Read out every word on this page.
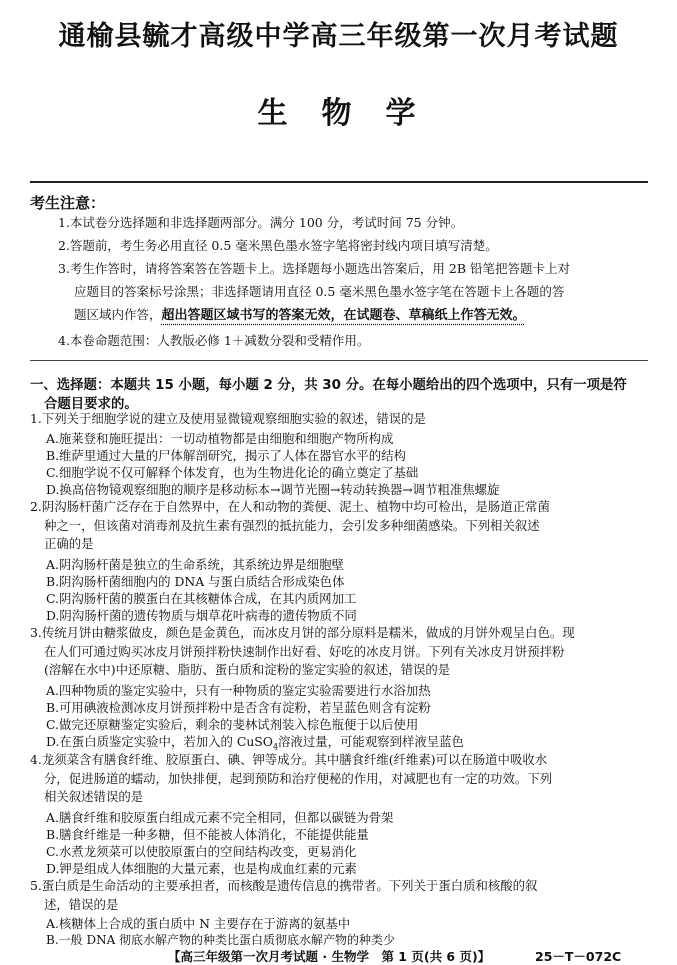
通榆县毓才高级中学高三年级第一次月考试题
生物学
考生注意：
1.本试卷分选择题和非选择题两部分。满分 100 分，考试时间 75 分钟。
2.答题前，考生务必用直径 0.5 毫米黑色墨水签字笔将密封线内项目填写清楚。
3.考生作答时，请将答案答在答题卡上。选择题每小题选出答案后，用 2B 铅笔把答题卡上对
应题目的答案标号涂黑；非选择题请用直径 0.5 毫米黑色墨水签字笔在答题卡上各题的答
题区域内作答，超出答题区域书写的答案无效，在试题卷、草稿纸上作答无效。
4.本卷命题范围：人教版必修 1＋减数分裂和受精作用。
一、选择题：本题共 15 小题，每小题 2 分，共 30 分。在每小题给出的四个选项中，只有一项是符
合题目要求的。
1.下列关于细胞学说的建立及使用显微镜观察细胞实验的叙述，错误的是
A.施莱登和施旺提出：一切动植物都是由细胞和细胞产物所构成
B.维萨里通过大量的尸体解剖研究，揭示了人体在器官水平的结构
C.细胞学说不仅可解释个体发育，也为生物进化论的确立奠定了基础
D.换高倍物镜观察细胞的顺序是移动标本→调节光圈→转动转换器→调节粗准焦螺旋
2.阴沟肠杆菌广泛存在于自然界中，在人和动物的粪便、泥土、植物中均可检出，是肠道正常菌
种之一，但该菌对消毒剂及抗生素有强烈的抵抗能力，会引发多种细菌感染。下列相关叙述
正确的是
A.阴沟肠杆菌是独立的生命系统，其系统边界是细胞壁
B.阴沟肠杆菌细胞内的 DNA 与蛋白质结合形成染色体
C.阴沟肠杆菌的膜蛋白在其核糖体合成，在其内质网加工
D.阴沟肠杆菌的遗传物质与烟草花叶病毒的遗传物质不同
3.传统月饼由糖浆做皮，颜色是金黄色，而冰皮月饼的部分原料是糯米，做成的月饼外观呈白色。现
在人们可通过购买冰皮月饼预拌粉快速制作出好看、好吃的冰皮月饼。下列有关冰皮月饼预拌粉
(溶解在水中)中还原糖、脂肪、蛋白质和淀粉的鉴定实验的叙述，错误的是
A.四种物质的鉴定实验中，只有一种物质的鉴定实验需要进行水浴加热
B.可用碘液检测冰皮月饼预拌粉中是否含有淀粉，若呈蓝色则含有淀粉
C.做完还原糖鉴定实验后，剩余的斐林试剂装入棕色瓶便于以后使用
D.在蛋白质鉴定实验中，若加入的 CuSO$_4$溶液过量，可能观察到样液呈蓝色
4.龙须菜含有膳食纤维、胶原蛋白、碘、钾等成分。其中膳食纤维(纤维素)可以在肠道中吸收水
分，促进肠道的蠕动，加快排便，起到预防和治疗便秘的作用，对减肥也有一定的功效。下列
相关叙述错误的是
A.膳食纤维和胶原蛋白组成元素不完全相同，但都以碳链为骨架
B.膳食纤维是一种多糖，但不能被人体消化，不能提供能量
C.水煮龙须菜可以使胶原蛋白的空间结构改变，更易消化
D.钾是组成人体细胞的大量元素，也是构成血红素的元素
5.蛋白质是生命活动的主要承担者，而核酸是遗传信息的携带者。下列关于蛋白质和核酸的叙
述，错误的是
A.核糖体上合成的蛋白质中 N 主要存在于游离的氨基中
B.一般 DNA 彻底水解产物的种类比蛋白质彻底水解产物的种类少
【高三年级第一次月考试题 · 生物学　第 1 页(共 6 页)】	25－T－072C
